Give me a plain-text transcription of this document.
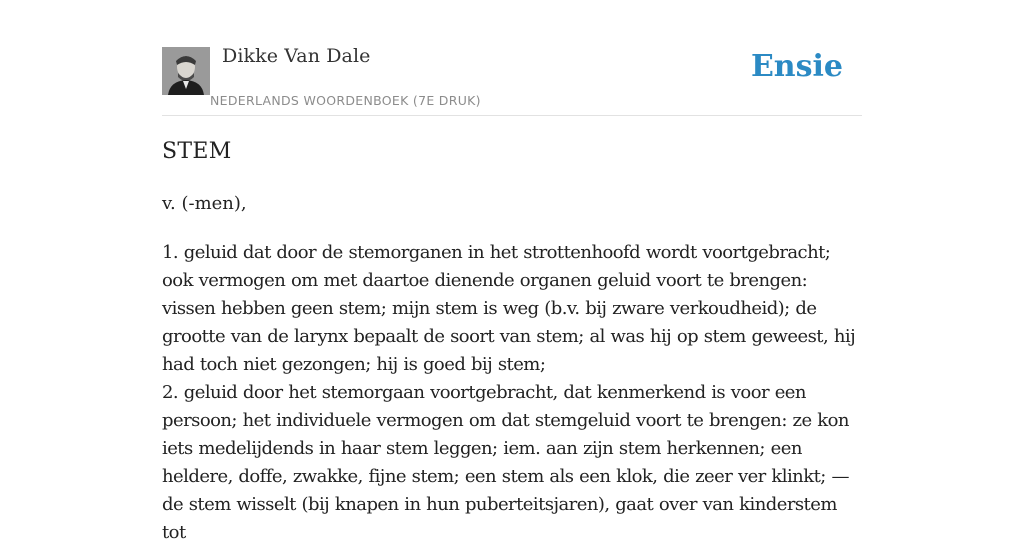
Dikke Van Dale
NEDERLANDS WOORDENBOEK (7E DRUK)
Ensie
STEM
v. (-men),

1. geluid dat door de stemorganen in het strottenhoofd wordt voortgebracht; ook vermogen om met daartoe dienende organen geluid voort te brengen: vissen hebben geen stem; mijn stem is weg (b.v. bij zware verkoudheid); de grootte van de larynx bepaalt de soort van stem; al was hij op stem geweest, hij had toch niet gezongen; hij is goed bij stem;

2. geluid door het stemorgaan voortgebracht, dat kenmerkend is voor een persoon; het individuele vermogen om dat stemgeluid voort te brengen: ze kon iets medelijdends in haar stem leggen; iem. aan zijn stem herkennen; een heldere, doffe, zwakke, fijne stem; een stem als een klok, die zeer ver klinkt; — de stem wisselt (bij knapen in hun puberteitsjaren), gaat over van kinderstem tot
